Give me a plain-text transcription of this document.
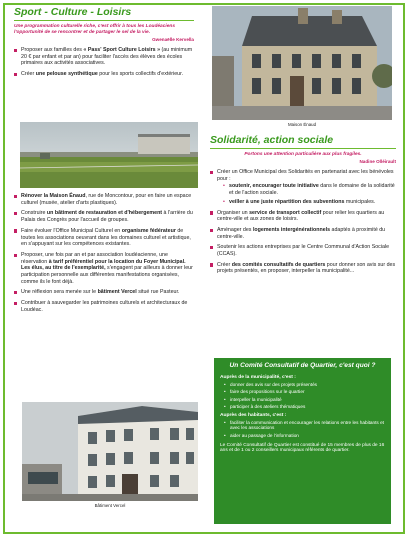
Sport - Culture - Loisirs

Une programmation culturelle riche, c'est offrir à tous les Loudéaciens l'opportunité de se rencontrer et de partager le sel de la vie.

Gwenaëlle Kervella

Proposer aux familles des « Pass' Sport Culture Loisirs » (au minimum 20 € par enfant et par an) pour faciliter l'accès des élèves des écoles primaires aux activités associatives.
Créer une pelouse synthétique pour les sports collectifs d'extérieur.
Rénover la Maison Énaud, rue de Moncontour, pour en faire un espace culturel (musée, atelier d'arts plastiques).
Construire un bâtiment de restauration et d'hébergement à l'arrière du Palais des Congrès pour l'accueil de groupes.
Faire évoluer l'Office Municipal Culturel en organisme fédérateur de toutes les associations oeuvrant dans les domaines culturel et artistique, en s'appuyant sur les compétences existantes.
Proposer, une fois par an et par association loudéacienne, une réservation à tarif préférentiel pour la location du Foyer Municipal. Les élus, au titre de l'exemplarité, s'engagent par ailleurs à donner leur participation personnelle aux différentes manifestations organisées, comme ils le font déjà.
Une réflexion sera menée sur le bâtiment Vercel situé rue Pasteur.
Contribuer à sauvegarder les patrimoines culturels et architecturaux de Loudéac.
Bâtiment Vercel
Maison Énaud
Solidarité, action sociale

Portons une attention particulière aux plus fragiles.

Nadine Olléirault

Créer un Office Municipal des Solidarités en partenariat avec les bénévoles pour :
• soutenir, encourager toute initiative dans le domaine de la solidarité et de l'action sociale.
• veiller à une juste répartition des subventions municipales.
Organiser un service de transport collectif pour relier les quartiers au centre-ville et aux zones de loisirs.
Aménager des logements intergénérationnels adaptés à proximité du centre-ville.
Soutenir les actions entreprises par le Centre Communal d'Action Sociale (CCAS).
Créer des comités consultatifs de quartiers pour donner son avis sur des projets présentés, en proposer, interpeller la municipalité...
Un Comité Consultatif de Quartier, c'est quoi ?
Auprès de la municipalité, c'est :
• donner des avis sur des projets présentés
• faire des propositions sur le quartier
• interpeller la municipalité
• participer à des ateliers thématiques
Auprès des habitants, c'est :
• faciliter la communication et encourager les relations entre les habitants et avec les associations
• aider au passage de l'information
Le Comité Consultatif de Quartier est constitué de 15 membres de plus de 16 ans et de 1 ou 2 conseillers municipaux référents de quartier.
